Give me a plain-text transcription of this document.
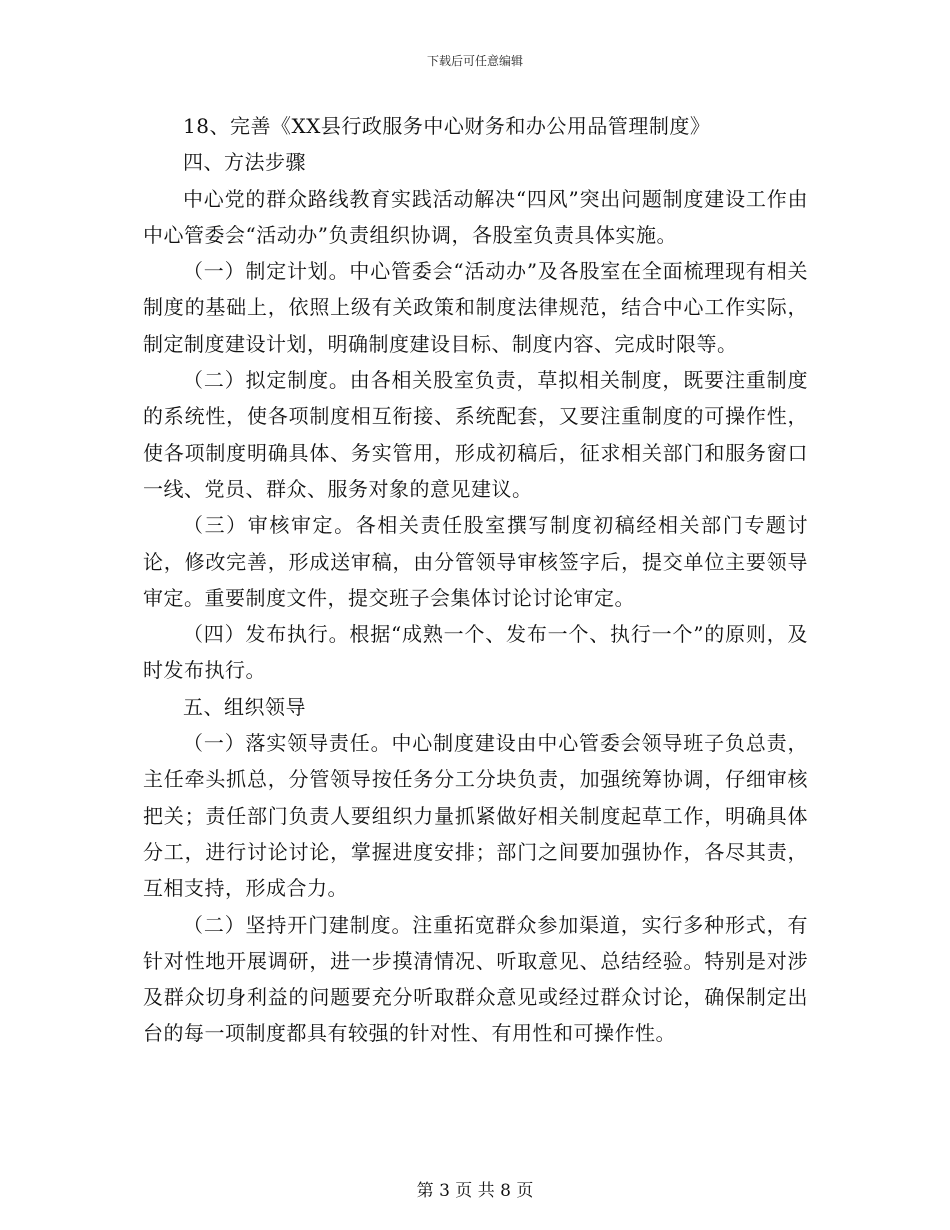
下载后可任意编辑

18、完善《XX县行政服务中心财务和办公用品管理制度》

四、方法步骤

中心党的群众路线教育实践活动解决“四风”突出问题制度建设工作由中心管委会“活动办”负责组织协调，各股室负责具体实施。

（一）制定计划。中心管委会“活动办”及各股室在全面梳理现有相关制度的基础上，依照上级有关政策和制度法律规范，结合中心工作实际，制定制度建设计划，明确制度建设目标、制度内容、完成时限等。

（二）拟定制度。由各相关股室负责，草拟相关制度，既要注重制度的系统性，使各项制度相互衔接、系统配套，又要注重制度的可操作性，使各项制度明确具体、务实管用，形成初稿后，征求相关部门和服务窗口一线、党员、群众、服务对象的意见建议。

（三）审核审定。各相关责任股室撰写制度初稿经相关部门专题讨论，修改完善，形成送审稿，由分管领导审核签字后，提交单位主要领导审定。重要制度文件，提交班子会集体讨论讨论审定。

（四）发布执行。根据“成熟一个、发布一个、执行一个”的原则，及时发布执行。

五、组织领导

（一）落实领导责任。中心制度建设由中心管委会领导班子负总责，主任牵头抓总，分管领导按任务分工分块负责，加强统筹协调，仔细审核把关；责任部门负责人要组织力量抓紧做好相关制度起草工作，明确具体分工，进行讨论讨论，掌握进度安排；部门之间要加强协作，各尽其责，互相支持，形成合力。

（二）坚持开门建制度。注重拓宽群众参加渠道，实行多种形式，有针对性地开展调研，进一步摸清情况、听取意见、总结经验。特别是对涉及群众切身利益的问题要充分听取群众意见或经过群众讨论，确保制定出台的每一项制度都具有较强的针对性、有用性和可操作性。

第 3 页 共 8 页
